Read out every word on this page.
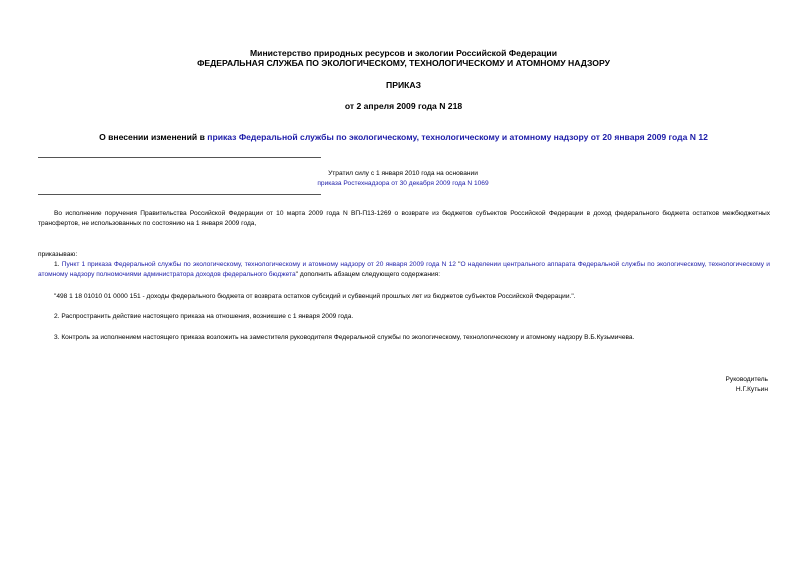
Министерство природных ресурсов и экологии Российской Федерации
ФЕДЕРАЛЬНАЯ СЛУЖБА ПО ЭКОЛОГИЧЕСКОМУ, ТЕХНОЛОГИЧЕСКОМУ И АТОМНОМУ НАДЗОРУ
ПРИКАЗ
от 2 апреля 2009 года N 218
О внесении изменений в приказ Федеральной службы по экологическому, технологическому и атомному надзору от 20 января 2009 года N 12
Утратил силу с 1 января 2010 года на основании
приказа Ростехнадзора от 30 декабря 2009 года N 1069
Во исполнение поручения Правительства Российской Федерации от 10 марта 2009 года N ВП-П13-1269 о возврате из бюджетов субъектов Российской Федерации в доход федерального бюджета остатков межбюджетных трансфертов, не использованных по состоянию на 1 января 2009 года,
приказываю:
1. Пункт 1 приказа Федеральной службы по экологическому, технологическому и атомному надзору от 20 января 2009 года N 12 "О наделении центрального аппарата Федеральной службы по экологическому, технологическому и атомному надзору полномочиями администратора доходов федерального бюджета" дополнить абзацем следующего содержания:
"498 1 18 01010 01 0000 151 - доходы федерального бюджета от возврата остатков субсидий и субвенций прошлых лет из бюджетов субъектов Российской Федерации.".
2. Распространить действие настоящего приказа на отношения, возникшие с 1 января 2009 года.
3. Контроль за исполнением настоящего приказа возложить на заместителя руководителя Федеральной службы по экологическому, технологическому и атомному надзору В.Б.Кузьмичева.
Руководитель
Н.Г.Кутьин
